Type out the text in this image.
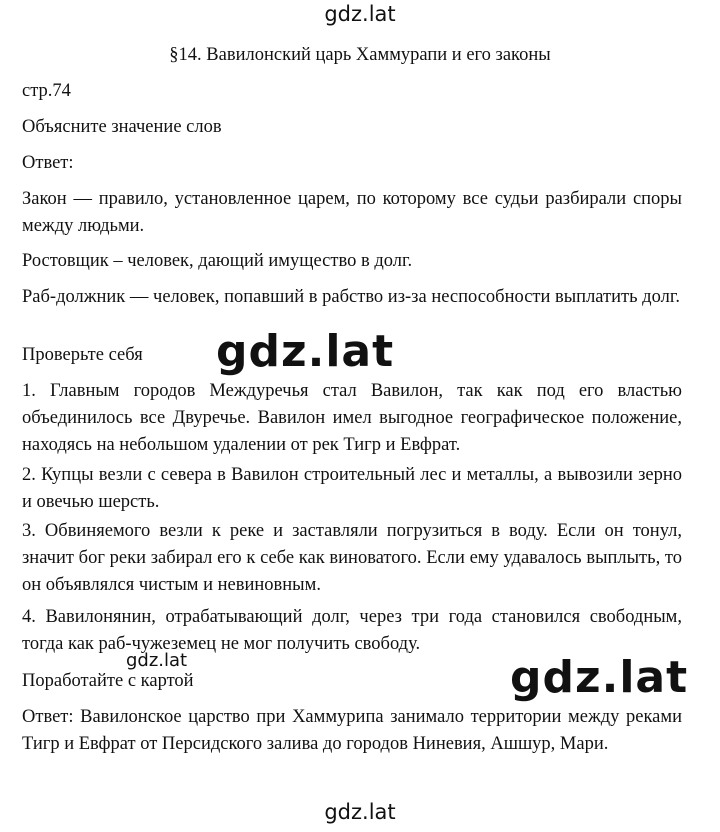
gdz.lat
§14. Вавилонский царь Хаммурапи и его законы

стр.74

Объясните значение слов

Ответ:

Закон — правило, установленное царем, по которому все судьи разбирали споры между людьми.

Ростовщик – человек, дающий имущество в долг.

Раб-должник — человек, попавший в рабство из-за неспособности выплатить долг.

Проверьте себя

1. Главным городов Междуречья стал Вавилон, так как под его властью объединилось все Двуречье. Вавилон имел выгодное географическое положение, находясь на небольшом удалении от рек Тигр и Евфрат.

2. Купцы везли с севера в Вавилон строительный лес и металлы, а вывозили зерно и овечью шерсть.

3. Обвиняемого везли к реке и заставляли погрузиться в воду. Если он тонул, значит бог реки забирал его к себе как виноватого. Если ему удавалось выплыть, то он объявлялся чистым и невиновным.

4. Вавилонянин, отрабатывающий долг, через три года становился свободным, тогда как раб-чужеземец не мог получить свободу.

Поработайте с картой

Ответ: Вавилонское царство при Хаммурипа занимало территории между реками Тигр и Евфрат от Персидского залива до городов Ниневия, Ашшур, Мари.

gdz.lat
gdz.lat	gdz.lat
gdz.lat
